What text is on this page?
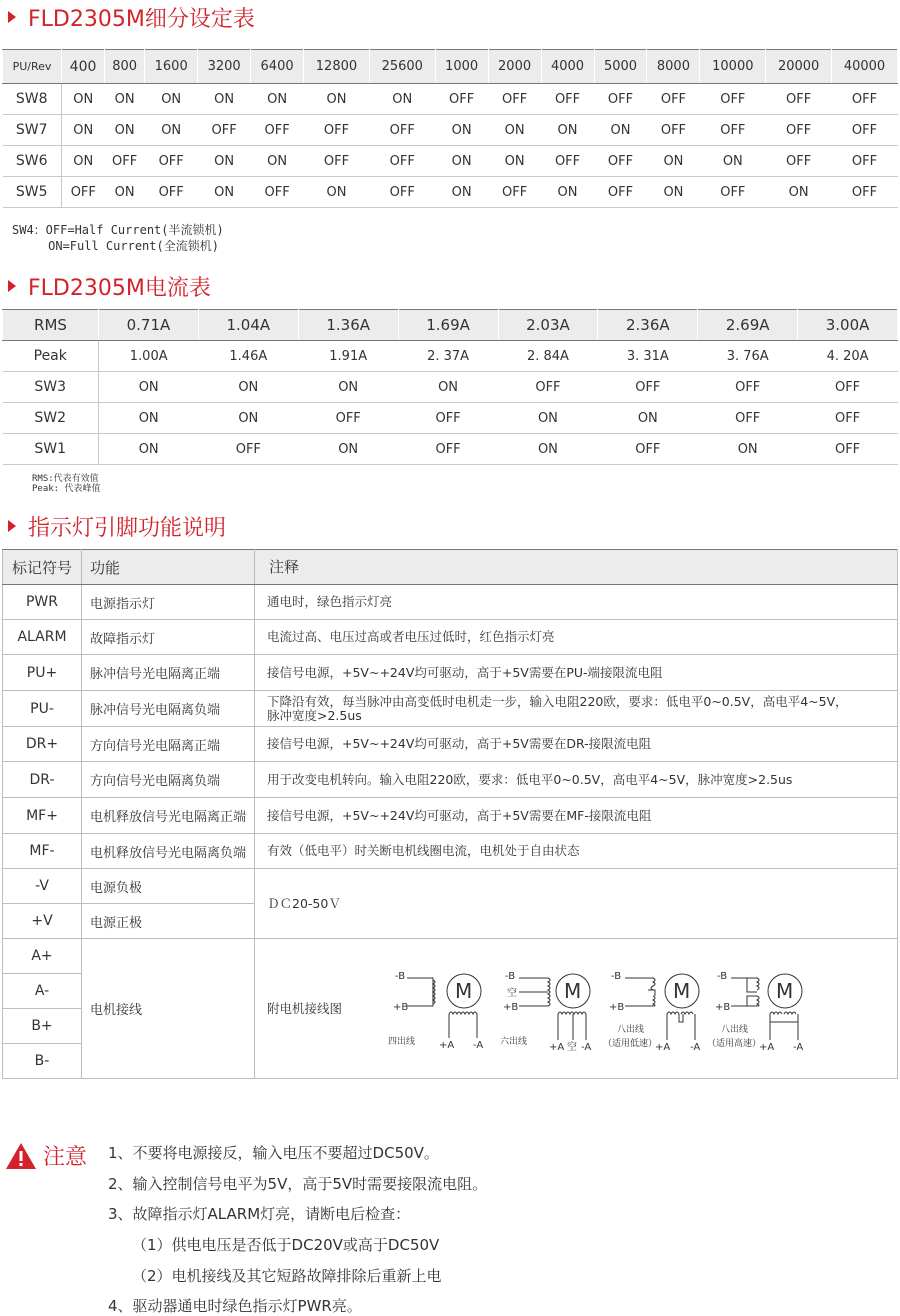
FLD2305M细分设定表
PU/Rev	400	800	1600	3200	6400	12800	25600	1000	2000	4000	5000	8000	10000	20000	40000
SW8	ON	ON	ON	ON	ON	ON	ON	OFF	OFF	OFF	OFF	OFF	OFF	OFF	OFF
SW7	ON	ON	ON	OFF	OFF	OFF	OFF	ON	ON	ON	ON	OFF	OFF	OFF	OFF
SW6	ON	OFF	OFF	ON	ON	OFF	OFF	ON	ON	OFF	OFF	ON	ON	OFF	OFF
SW5	OFF	ON	OFF	ON	OFF	ON	OFF	ON	OFF	ON	OFF	ON	OFF	ON	OFF
SW4：OFF=Half Current(半流锁机)
ON=Full Current(全流锁机)
FLD2305M电流表
RMS	0.71A	1.04A	1.36A	1.69A	2.03A	2.36A	2.69A	3.00A
Peak	1.00A	1.46A	1.91A	2. 37A	2. 84A	3. 31A	3. 76A	4. 20A
SW3	ON	ON	ON	ON	OFF	OFF	OFF	OFF
SW2	ON	ON	OFF	OFF	ON	ON	OFF	OFF
SW1	ON	OFF	ON	OFF	ON	OFF	ON	OFF
RMS:代表有效值
Peak: 代表峰值
指示灯引脚功能说明
标记符号	功能	注释
PWR	电源指示灯	通电时，绿色指示灯亮

ALARM	故障指示灯	电流过高、电压过高或者电压过低时，红色指示灯亮

PU+	脉冲信号光电隔离正端	接信号电源，+5V~+24V均可驱动，高于+5V需要在PU-端接限流电阻

PU-	脉冲信号光电隔离负端	下降沿有效，每当脉冲由高变低时电机走一步，输入电阻220欧，要求：低电平0~0.5V，高电平4~5V，
脉冲宽度>2.5us

DR+	方向信号光电隔离正端	接信号电源，+5V~+24V均可驱动，高于+5V需要在DR-接限流电阻

DR-	方向信号光电隔离负端	用于改变电机转向。输入电阻220欧，要求：低电平0~0.5V，高电平4~5V，脉冲宽度>2.5us

MF+	电机释放信号光电隔离正端	接信号电源，+5V~+24V均可驱动，高于+5V需要在MF-接限流电阻

MF-	电机释放信号光电隔离负端	有效（低电平）时关断电机线圈电流，电机处于自由状态

-V	电源负极	ＤＣ20-50Ｖ
+V	电源正极	
A+	电机接线	附电机接线图
A-		
B+		
B-		
-B
+B
M
+A -A
四出线
-B
空
+B
M
+A 空 -A
六出线
-B
+B
M
+A -A
八出线
（适用低速）
-B
+B
M
+A -A
八出线
（适用高速）
注意 1、不要将电源接反，输入电压不要超过DC50V。
2、输入控制信号电平为5V，高于5V时需要接限流电阻。
3、故障指示灯ALARM灯亮，请断电后检查：
（1）供电电压是否低于DC20V或高于DC50V
（2）电机接线及其它短路故障排除后重新上电
4、驱动器通电时绿色指示灯PWR亮。
